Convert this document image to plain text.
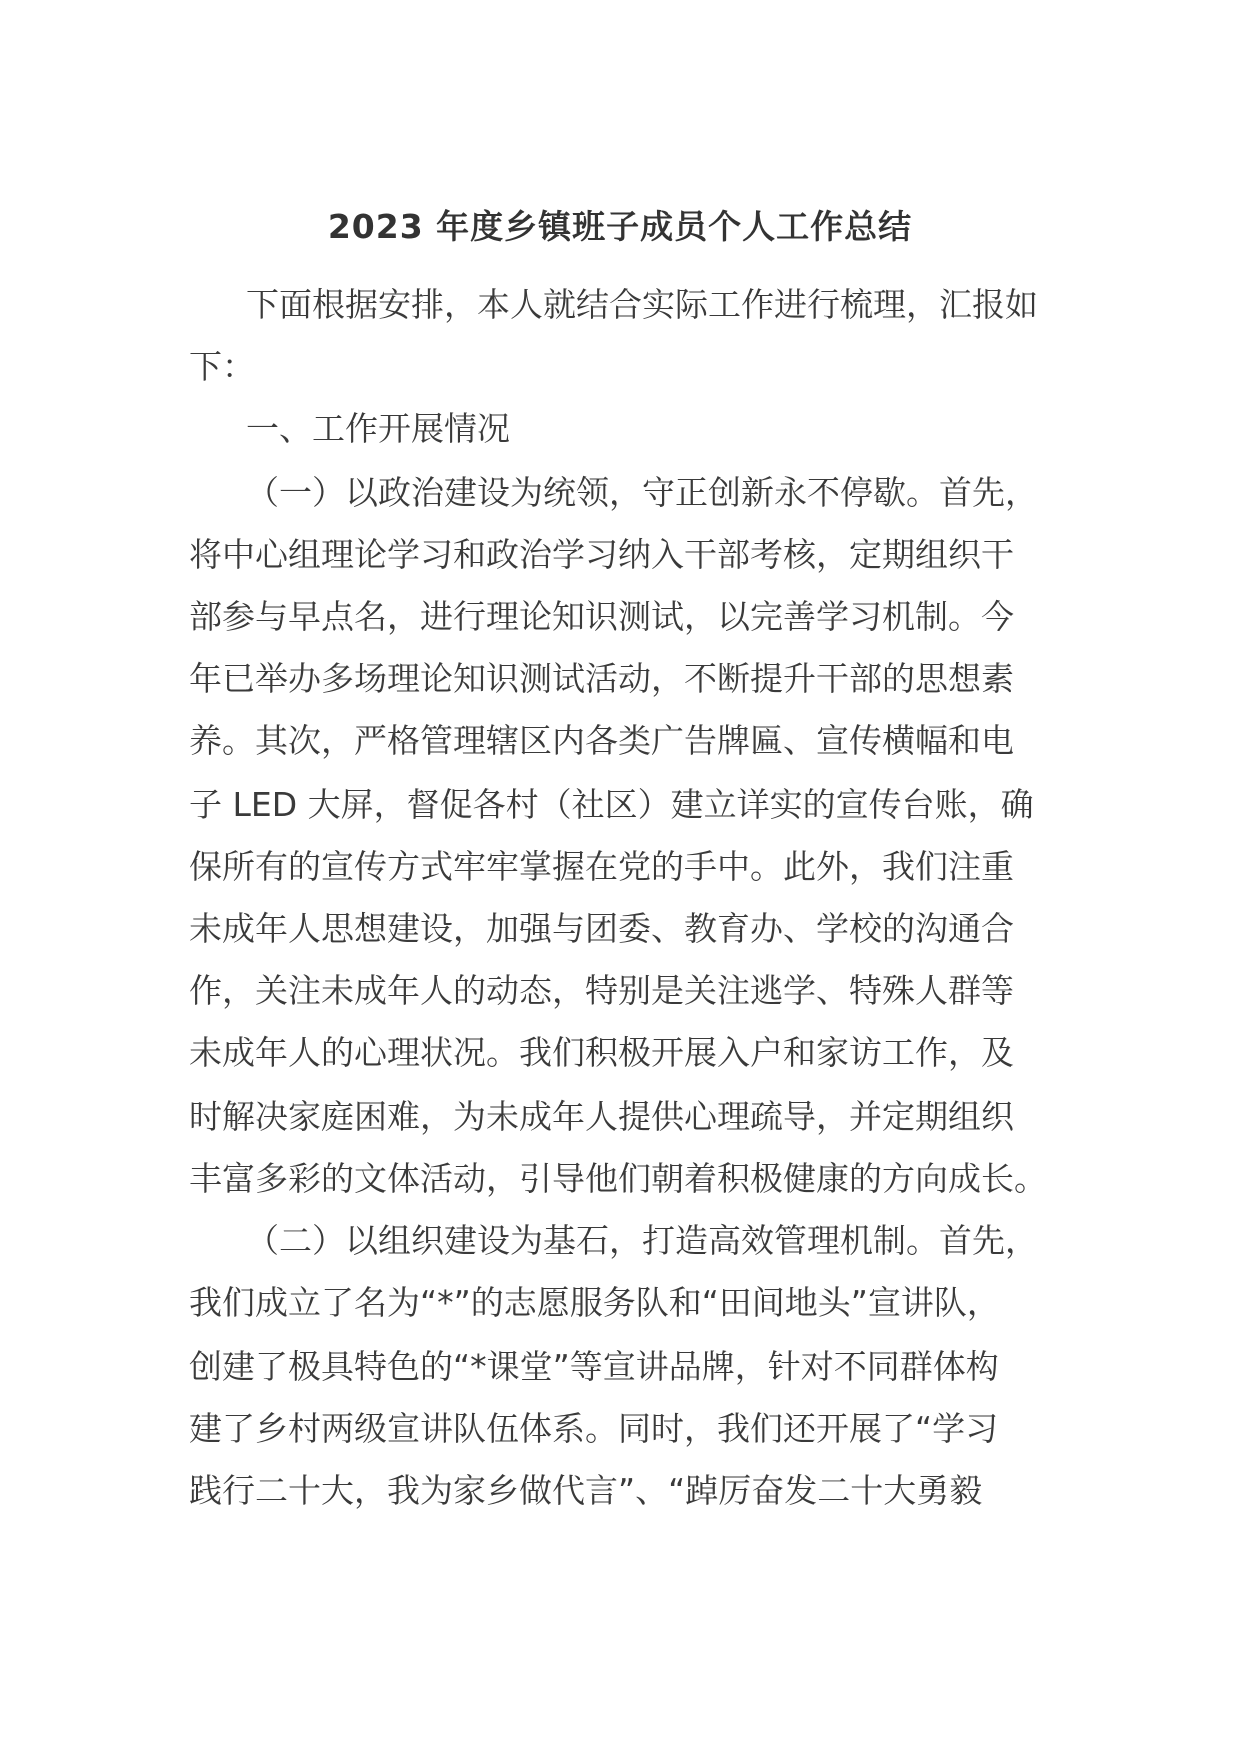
2023 年度乡镇班子成员个人工作总结
下面根据安排，本人就结合实际工作进行梳理，汇报如
下：
一、工作开展情况
（一）以政治建设为统领，守正创新永不停歇。首先，
将中心组理论学习和政治学习纳入干部考核，定期组织干
部参与早点名，进行理论知识测试，以完善学习机制。今
年已举办多场理论知识测试活动，不断提升干部的思想素
养。其次，严格管理辖区内各类广告牌匾、宣传横幅和电
子 LED 大屏，督促各村（社区）建立详实的宣传台账，确
保所有的宣传方式牢牢掌握在党的手中。此外，我们注重
未成年人思想建设，加强与团委、教育办、学校的沟通合
作，关注未成年人的动态，特别是关注逃学、特殊人群等
未成年人的心理状况。我们积极开展入户和家访工作，及
时解决家庭困难，为未成年人提供心理疏导，并定期组织
丰富多彩的文体活动，引导他们朝着积极健康的方向成长。
（二）以组织建设为基石，打造高效管理机制。首先，
我们成立了名为“*”的志愿服务队和“田间地头”宣讲队，
创建了极具特色的“*课堂”等宣讲品牌，针对不同群体构
建了乡村两级宣讲队伍体系。同时，我们还开展了“学习
践行二十大，我为家乡做代言”、“踔厉奋发二十大勇毅
